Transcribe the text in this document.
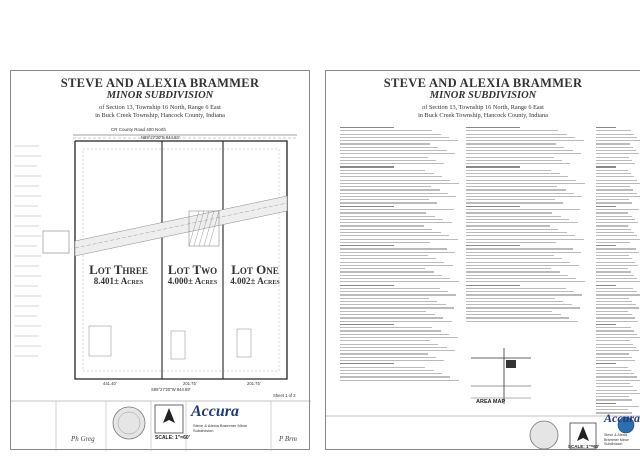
STEVE AND ALEXIA BRAMMER
MINOR SUBDIVISION
of Section 13, Township 16 North, Range 6 East
in Buck Creek Township, Hancock County, Indiana
CR County Road 400 North
N89°27'20"E 844.93'
Lot Three
8.401± Acres
Lot Two
4.000± Acres
Lot One
4.002± Acres
441.40'	201.75'	201.75'
S89°27'20"W 844.89'
Sheet 1 of 2
SCALE: 1"=60'
Accura
Steve & Alexia Brammer Minor Subdivision
Ph Greg	P Brm
STEVE AND ALEXIA BRAMMER
MINOR SUBDIVISION
of Section 13, Township 16 North, Range 6 East
in Buck Creek Township, Hancock County, Indiana
AREA MAP
SCALE: 1"=60'
Accura
Steve & Alexia Brammer Minor Subdivision
